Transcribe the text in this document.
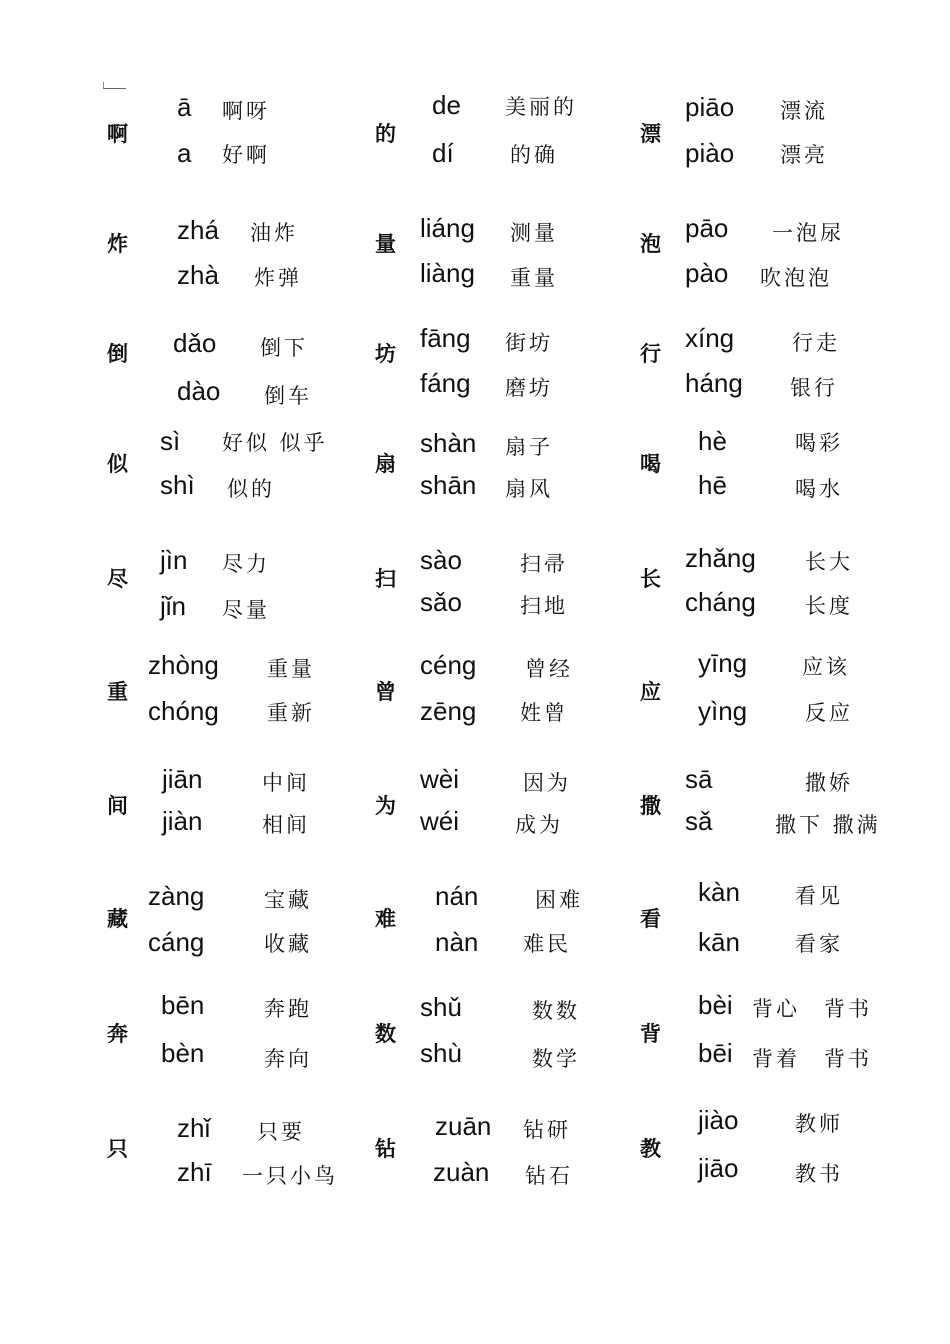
啊
ā 啊呀
a 好啊
的
de 美丽的
dí	的确
漂
piāo 漂流
piào 漂亮
炸 zhá 油炸
zhà 炸弹
量
liáng 测量
liàng 重量
泡
pāo 一泡尿
pào 吹泡泡
倒 dǎo 倒下
dào 倒车
坊
fāng 街坊
fáng 磨坊
行
xíng	行走
háng 银行
似
sì 好似 似乎
shì 似的
扇
shàn 扇子
shān 扇风
喝
hè	喝彩
hē	喝水
尽
jìn 尽力
jǐn 尽量
扫
sào	扫帚
sǎo	扫地
长
zhǎng 长大
cháng 长度
重
zhòng 重量
chóng 重新
曾
céng 曾经
zēng 姓曾
应
yīng	应该
yìng	反应
间
jiān	中间
jiàn	相间
为
wèi	因为
wéi	成为
撒
sā	撒娇
sǎ	撒下 撒满
藏
zàng	宝藏
cáng	收藏
难
nán	困难
nàn 难民
看
kàn	看见
kān	看家
奔
bēn	奔跑
bèn	奔向
数
shǔ	数数
shù	数学
背
bèi 背心　背书
bēi 背着　背书
只
zhǐ 只要
zhī 一只小鸟
钻
zuān 钻研
zuàn 钻石
教
jiào	教师
jiāo	教书
